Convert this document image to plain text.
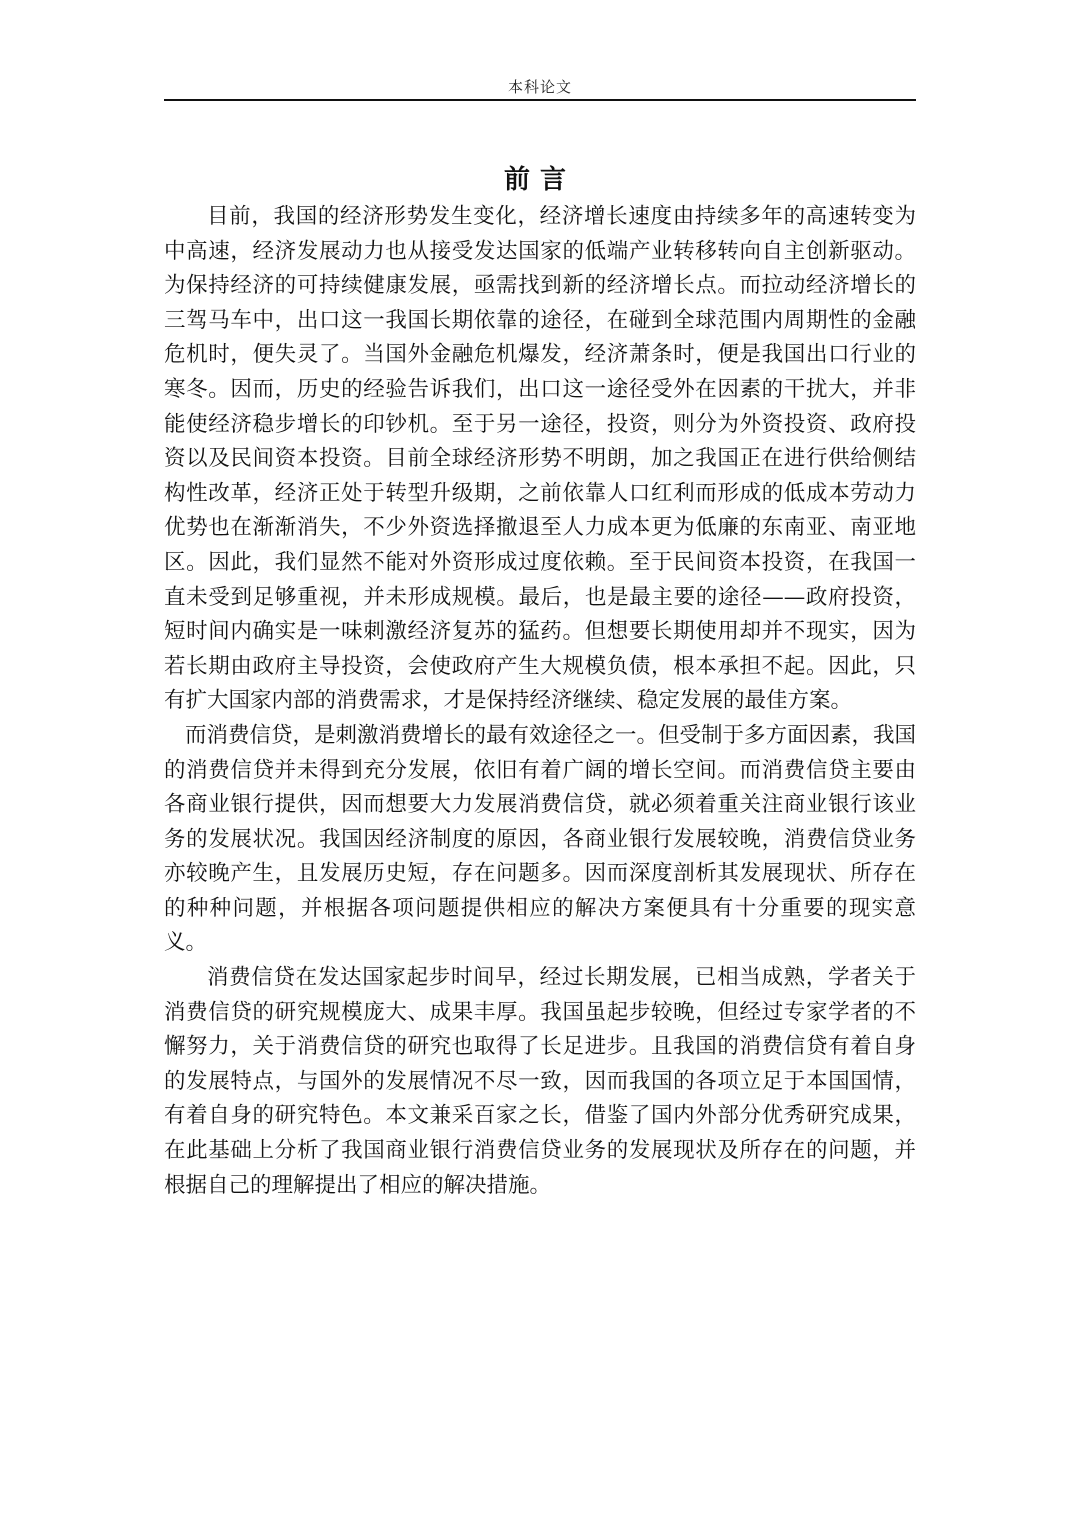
本科论文
前言

目前，我国的经济形势发生变化，经济增长速度由持续多年的高速转变为中高速，经济发展动力也从接受发达国家的低端产业转移转向自主创新驱动。为保持经济的可持续健康发展，亟需找到新的经济增长点。而拉动经济增长的三驾马车中，出口这一我国长期依靠的途径，在碰到全球范围内周期性的金融危机时，便失灵了。当国外金融危机爆发，经济萧条时，便是我国出口行业的寒冬。因而，历史的经验告诉我们，出口这一途径受外在因素的干扰大，并非能使经济稳步增长的印钞机。至于另一途径，投资，则分为外资投资、政府投资以及民间资本投资。目前全球经济形势不明朗，加之我国正在进行供给侧结构性改革，经济正处于转型升级期，之前依靠人口红利而形成的低成本劳动力优势也在渐渐消失，不少外资选择撤退至人力成本更为低廉的东南亚、南亚地区。因此，我们显然不能对外资形成过度依赖。至于民间资本投资，在我国一直未受到足够重视，并未形成规模。最后，也是最主要的途径——政府投资，短时间内确实是一味刺激经济复苏的猛药。但想要长期使用却并不现实，因为若长期由政府主导投资，会使政府产生大规模负债，根本承担不起。因此，只有扩大国家内部的消费需求，才是保持经济继续、稳定发展的最佳方案。

而消费信贷，是刺激消费增长的最有效途径之一。但受制于多方面因素，我国的消费信贷并未得到充分发展，依旧有着广阔的增长空间。而消费信贷主要由各商业银行提供，因而想要大力发展消费信贷，就必须着重关注商业银行该业务的发展状况。我国因经济制度的原因，各商业银行发展较晚，消费信贷业务亦较晚产生，且发展历史短，存在问题多。因而深度剖析其发展现状、所存在的种种问题，并根据各项问题提供相应的解决方案便具有十分重要的现实意义。

消费信贷在发达国家起步时间早，经过长期发展，已相当成熟，学者关于消费信贷的研究规模庞大、成果丰厚。我国虽起步较晚，但经过专家学者的不懈努力，关于消费信贷的研究也取得了长足进步。且我国的消费信贷有着自身的发展特点，与国外的发展情况不尽一致，因而我国的各项立足于本国国情，有着自身的研究特色。本文兼采百家之长，借鉴了国内外部分优秀研究成果，在此基础上分析了我国商业银行消费信贷业务的发展现状及所存在的问题，并根据自己的理解提出了相应的解决措施。
